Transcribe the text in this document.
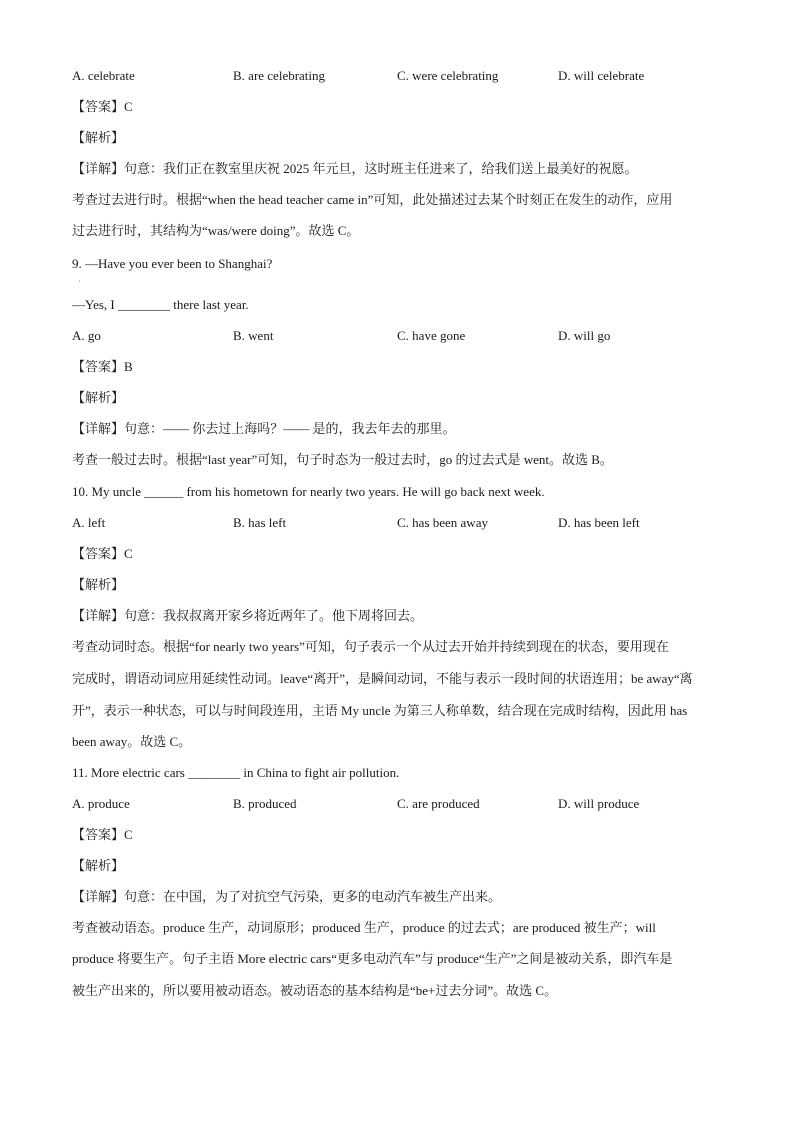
A. celebrate	B. are celebrating	C. were celebrating	D. will celebrate
【答案】C
【解析】
【详解】句意：我们正在教室里庆祝 2025 年元旦，这时班主任进来了，给我们送上最美好的祝愿。
考查过去进行时。根据“when the head teacher came in”可知，此处描述过去某个时刻正在发生的动作，应用
过去进行时，其结构为“was/were doing”。故选 C。
9. —Have you ever been to Shanghai?
·
—Yes, I ________ there last year.
A. go	B. went	C. have gone	D. will go
【答案】B
【解析】
【详解】句意：—— 你去过上海吗？—— 是的，我去年去的那里。
考查一般过去时。根据“last year”可知，句子时态为一般过去时，go 的过去式是 went。故选 B。
10. My uncle ______ from his hometown for nearly two years. He will go back next week.
A. left	B. has left	C. has been away	D. has been left
【答案】C
【解析】
【详解】句意：我叔叔离开家乡将近两年了。他下周将回去。
考查动词时态。根据“for nearly two years”可知，句子表示一个从过去开始并持续到现在的状态，要用现在
完成时，谓语动词应用延续性动词。leave“离开”，是瞬间动词，不能与表示一段时间的状语连用；be away“离
开”，表示一种状态，可以与时间段连用，主语 My uncle 为第三人称单数，结合现在完成时结构，因此用 has
been away。故选 C。
11. More electric cars ________ in China to fight air pollution.
A. produce	B. produced	C. are produced	D. will produce
【答案】C
【解析】
【详解】句意：在中国，为了对抗空气污染，更多的电动汽车被生产出来。
考查被动语态。produce 生产，动词原形；produced 生产，produce 的过去式；are produced 被生产；will
produce 将要生产。句子主语 More electric cars“更多电动汽车”与 produce“生产”之间是被动关系，即汽车是
被生产出来的，所以要用被动语态。被动语态的基本结构是“be+过去分词”。故选 C。
